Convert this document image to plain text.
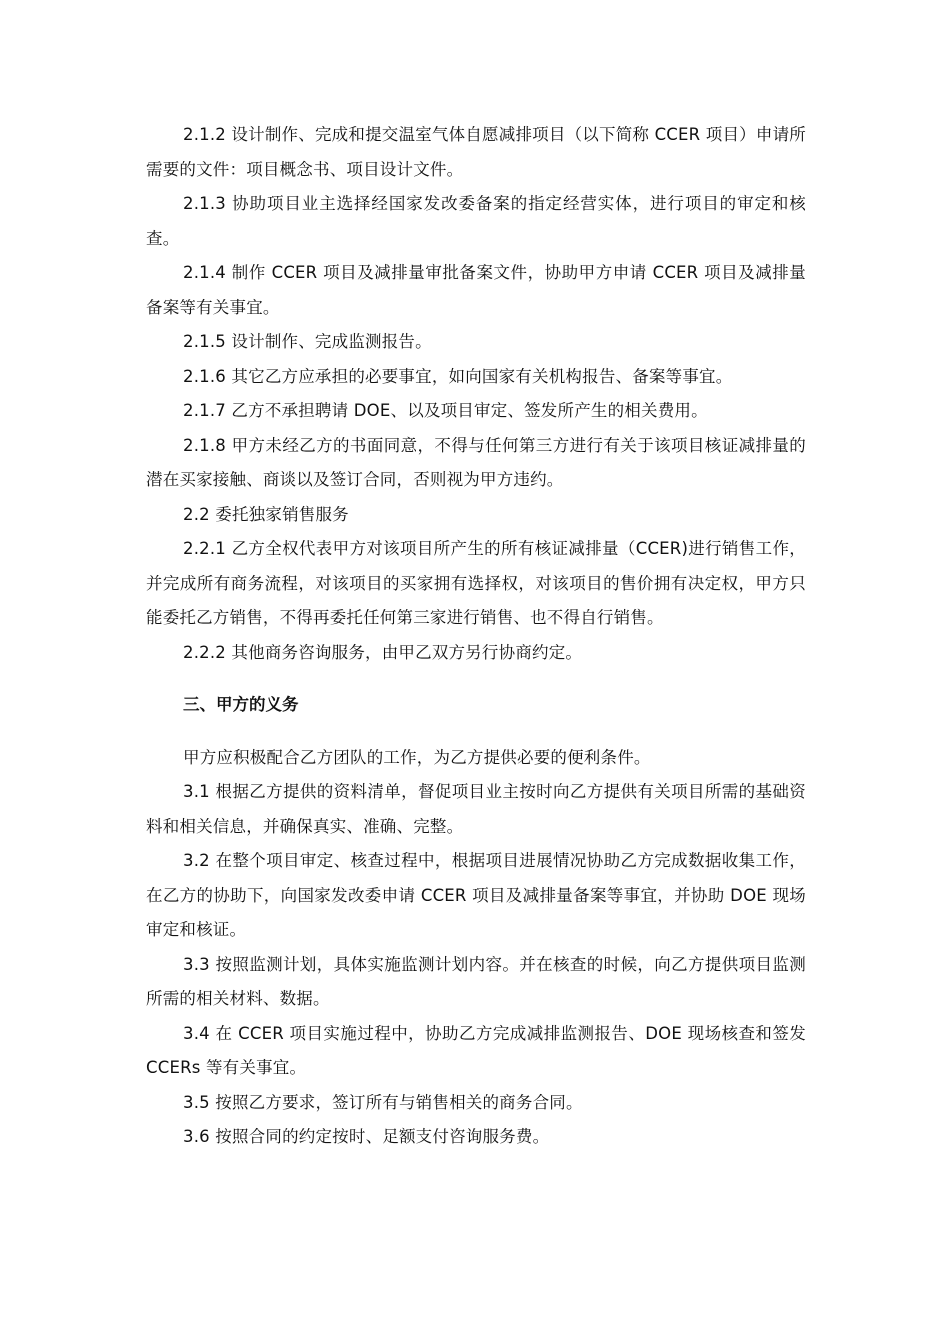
2.1.2 设计制作、完成和提交温室气体自愿减排项目（以下简称 CCER 项目）申请所需要的文件：项目概念书、项目设计文件。

2.1.3 协助项目业主选择经国家发改委备案的指定经营实体，进行项目的审定和核查。

2.1.4 制作 CCER 项目及减排量审批备案文件，协助甲方申请 CCER 项目及减排量备案等有关事宜。

2.1.5 设计制作、完成监测报告。

2.1.6 其它乙方应承担的必要事宜，如向国家有关机构报告、备案等事宜。

2.1.7 乙方不承担聘请 DOE、以及项目审定、签发所产生的相关费用。

2.1.8 甲方未经乙方的书面同意，不得与任何第三方进行有关于该项目核证减排量的潜在买家接触、商谈以及签订合同，否则视为甲方违约。

2.2 委托独家销售服务

2.2.1 乙方全权代表甲方对该项目所产生的所有核证减排量（CCER)进行销售工作，并完成所有商务流程，对该项目的买家拥有选择权，对该项目的售价拥有决定权，甲方只能委托乙方销售，不得再委托任何第三家进行销售、也不得自行销售。

2.2.2 其他商务咨询服务，由甲乙双方另行协商约定。

三、甲方的义务

甲方应积极配合乙方团队的工作，为乙方提供必要的便利条件。

3.1 根据乙方提供的资料清单，督促项目业主按时向乙方提供有关项目所需的基础资料和相关信息，并确保真实、准确、完整。

3.2 在整个项目审定、核查过程中，根据项目进展情况协助乙方完成数据收集工作，在乙方的协助下，向国家发改委申请 CCER 项目及减排量备案等事宜，并协助 DOE 现场审定和核证。

3.3 按照监测计划，具体实施监测计划内容。并在核查的时候，向乙方提供项目监测所需的相关材料、数据。

3.4 在 CCER 项目实施过程中，协助乙方完成减排监测报告、DOE 现场核查和签发 CCERs 等有关事宜。

3.5 按照乙方要求，签订所有与销售相关的商务合同。

3.6 按照合同的约定按时、足额支付咨询服务费。
